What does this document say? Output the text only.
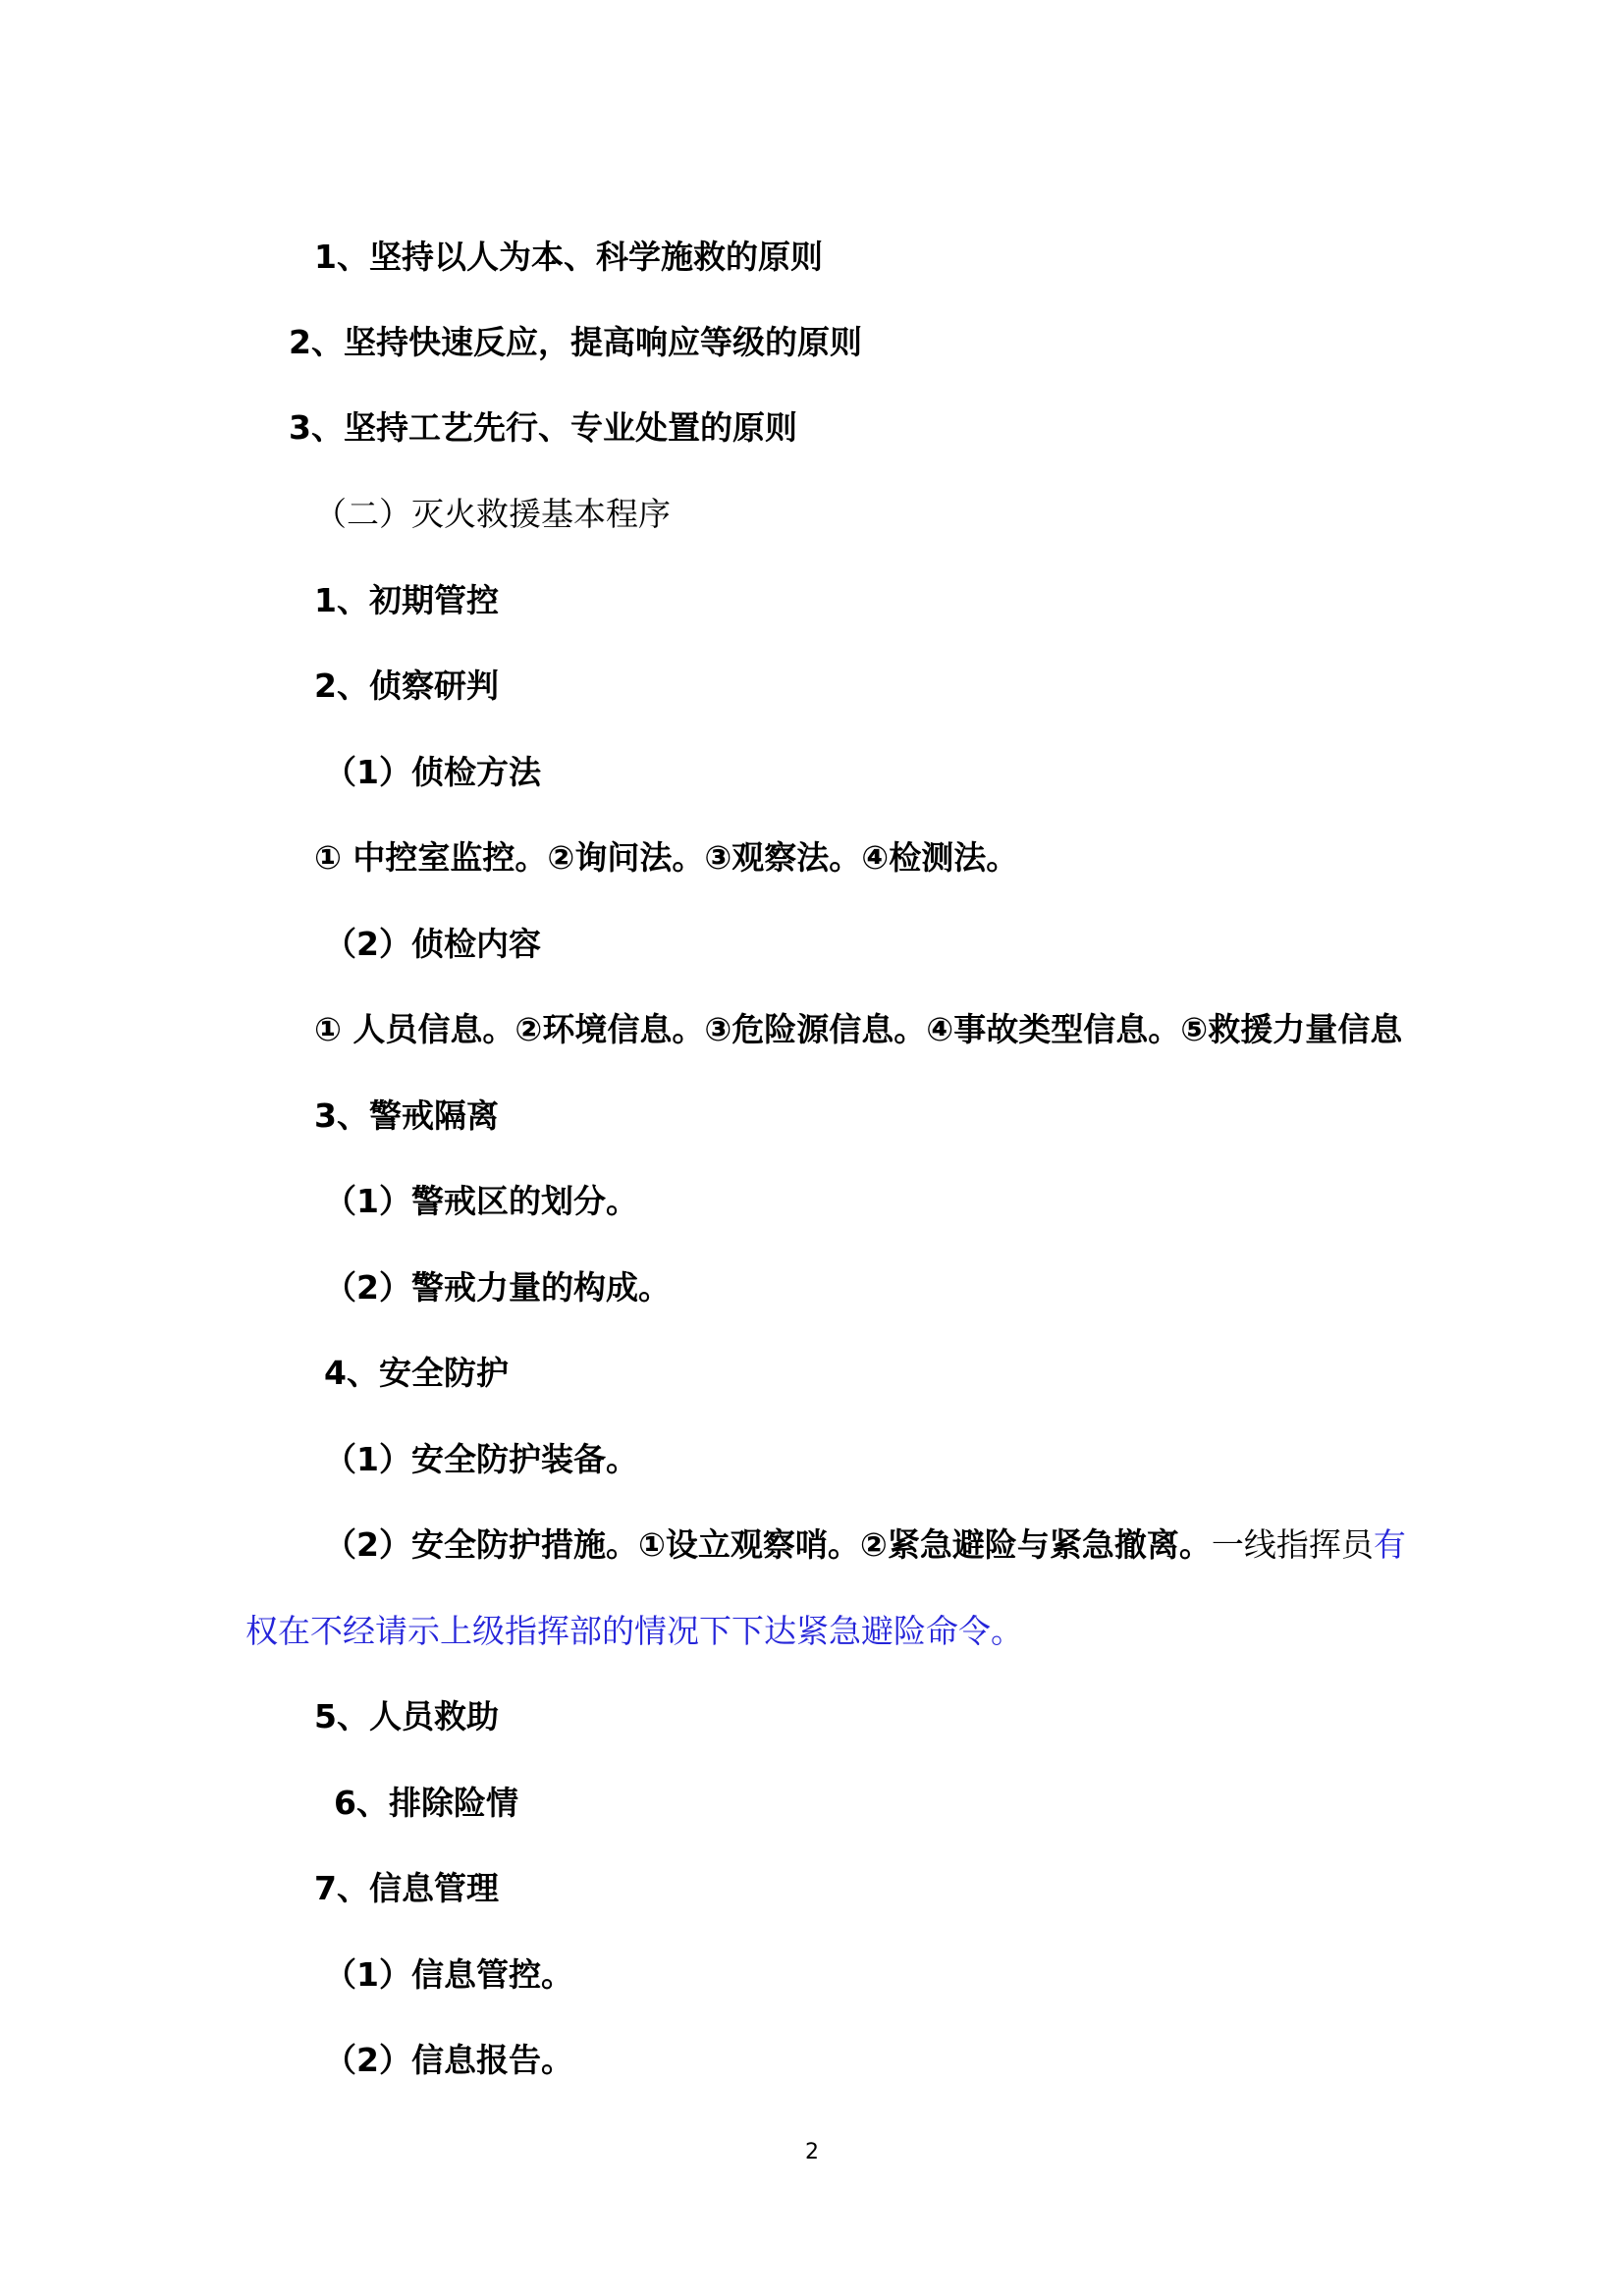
1、坚持以人为本、科学施救的原则
2、坚持快速反应，提高响应等级的原则
3、坚持工艺先行、专业处置的原则
（二）灭火救援基本程序
1、初期管控
2、侦察研判
（1）侦检方法
① 中控室监控。②询问法。③观察法。④检测法。
（2）侦检内容
① 人员信息。②环境信息。③危险源信息。④事故类型信息。⑤救援力量信息
3、警戒隔离
（1）警戒区的划分。
（2）警戒力量的构成。
4、安全防护
（1）安全防护装备。
（2）安全防护措施。①设立观察哨。②紧急避险与紧急撤离。一线指挥员有
权在不经请示上级指挥部的情况下下达紧急避险命令。
5、人员救助
6、排除险情
7、信息管理
（1）信息管控。
（2）信息报告。
2
